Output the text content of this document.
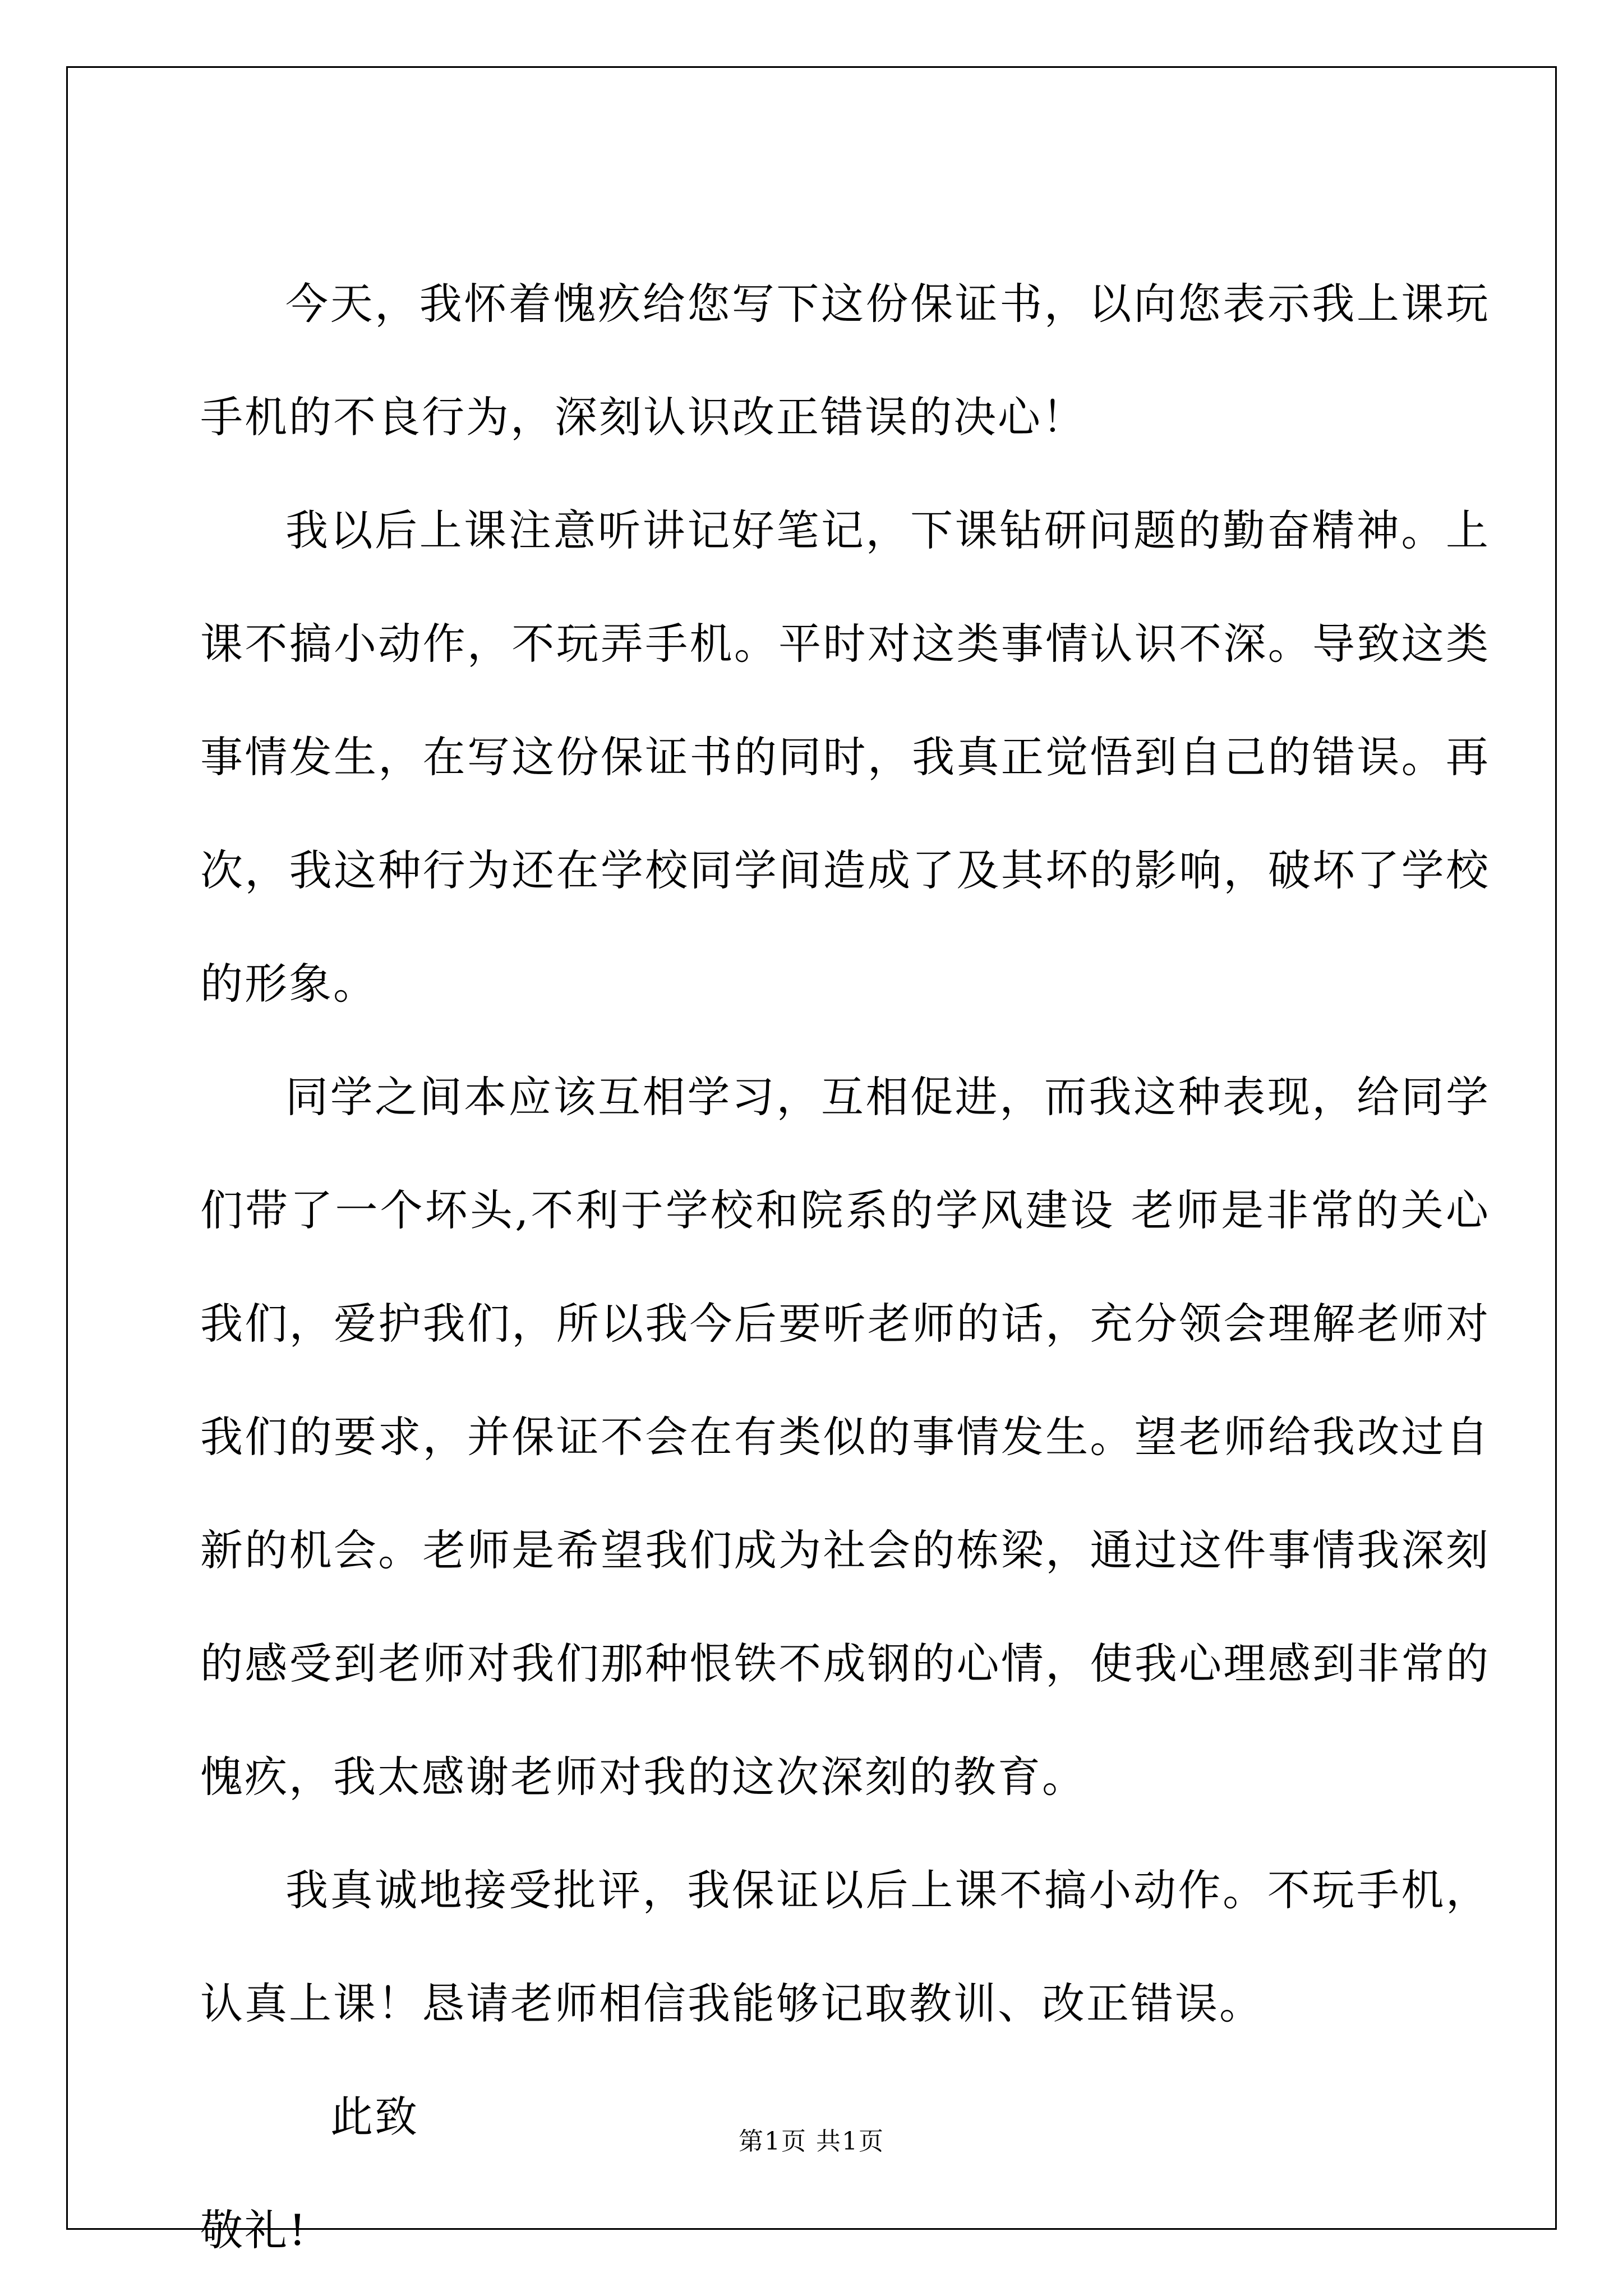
今天，我怀着愧疚给您写下这份保证书，以向您表示我上课玩手机的不良行为，深刻认识改正错误的决心！

我以后上课注意听讲记好笔记，下课钻研问题的勤奋精神。上课不搞小动作，不玩弄手机。平时对这类事情认识不深。导致这类事情发生，在写这份保证书的同时，我真正觉悟到自己的错误。再次，我这种行为还在学校同学间造成了及其坏的影响，破坏了学校的形象。

同学之间本应该互相学习，互相促进，而我这种表现，给同学们带了一个坏头,不利于学校和院系的学风建设 老师是非常的关心我们，爱护我们，所以我今后要听老师的话，充分领会理解老师对我们的要求，并保证不会在有类似的事情发生。望老师给我改过自新的机会。老师是希望我们成为社会的栋梁，通过这件事情我深刻的感受到老师对我们那种恨铁不成钢的心情，使我心理感到非常的愧疚，我太感谢老师对我的这次深刻的教育。

我真诚地接受批评，我保证以后上课不搞小动作。不玩手机，认真上课！恳请老师相信我能够记取教训、改正错误。

此致

敬礼!

第1页 共1页
